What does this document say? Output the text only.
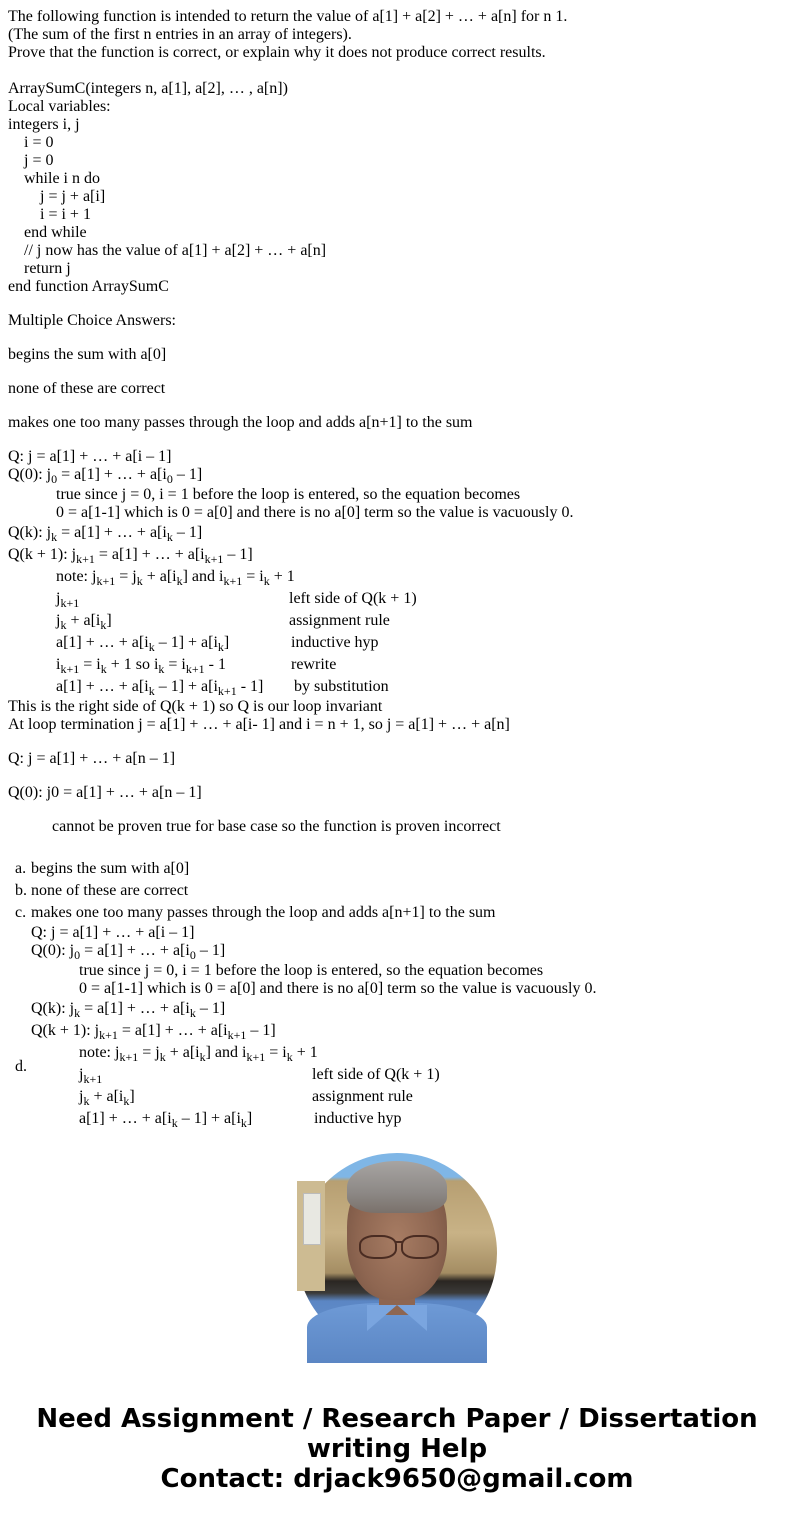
The following function is intended to return the value of a[1] + a[2] + … + a[n] for n 1.
(The sum of the first n entries in an array of integers).
Prove that the function is correct, or explain why it does not produce correct results.
ArraySumC(integers n, a[1], a[2], … , a[n])
Local variables:
integers i, j
i = 0
j = 0
while i n do
j = j + a[i]
i = i + 1
end while
// j now has the value of a[1] + a[2] + … + a[n]
return j
end function ArraySumC
Multiple Choice Answers:
begins the sum with a[0]
none of these are correct
makes one too many passes through the loop and adds a[n+1] to the sum
Q: j = a[1] + … + a[i – 1]
Q(0): $j_0 = a[1]$ + … + $a[i_0 - 1]$
true since j = 0, i = 1 before the loop is entered, so the equation becomes
0 = a[1-1] which is 0 = a[0] and there is no a[0] term so the value is vacuously 0.
Q(k): $j_k = a[1]$ + … + $a[i_k - 1]$
Q(k + 1): $j_{k+1} = a[1]$ + … + $a[i_{k+1} - 1]$
note: $j_{k+1} = j_k + a[i_k]$ and $i_{k+1} = i_k + 1$
$j_{k+1}$	left side of Q(k + 1)
$j_k + a[i_k]$	assignment rule
a[1] + … + $a[i_k - 1] + a[i_k]$	inductive hyp
$i_{k+1} = i_k + 1$ so $i_k = i_{k+1} - 1$	rewrite
a[1] + … + $a[i_k - 1] + a[i_{k+1} - 1]$ by substitution
This is the right side of Q(k + 1) so Q is our loop invariant
At loop termination j = a[1] + … + a[i- 1] and i = n + 1, so j = a[1] + … + a[n]
Q: j = a[1] + … + a[n – 1]
Q(0): j0 = a[1] + … + a[n – 1]
cannot be proven true for base case so the function is proven incorrect
a. begins the sum with a[0]
b. none of these are correct
c. makes one too many passes through the loop and adds a[n+1] to the sum
d.
Q: j = a[1] + … + a[i – 1]
Q(0): $j_0 = a[1]$ + … + $a[i_0 - 1]$
true since j = 0, i = 1 before the loop is entered, so the equation becomes
0 = a[1-1] which is 0 = a[0] and there is no a[0] term so the value is vacuously 0.
Q(k): $j_k = a[1]$ + … + $a[i_k - 1]$
Q(k + 1): $j_{k+1} = a[1]$ + … + $a[i_{k+1} - 1]$
note: $j_{k+1} = j_k + a[i_k]$ and $i_{k+1} = i_k + 1$
$j_{k+1}$	left side of Q(k + 1)
$j_k + a[i_k]$	assignment rule
a[1] + … + $a[i_k - 1] + a[i_k]$	inductive hyp
Need Assignment / Research Paper / Dissertation
writing Help
Contact: drjack9650@gmail.com
